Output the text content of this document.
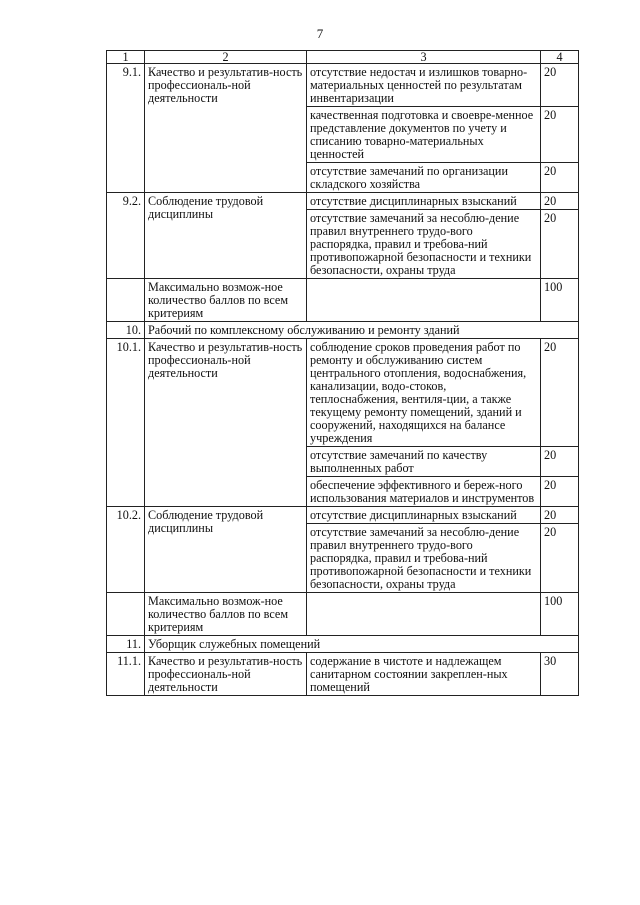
7
1	2	3	4
9.1.	Качество и результатив-ность профессиональ-ной деятельности	отсутствие недостач и излишков товарно-материальных ценностей по результатам инвентаризации	20
		качественная подготовка и своевре-менное представление документов по учету и списанию товарно-материальных ценностей	20
		отсутствие замечаний по организации складского хозяйства	20
9.2.	Соблюдение трудовой дисциплины	отсутствие дисциплинарных взысканий	20
		отсутствие замечаний за несоблю-дение правил внутреннего трудо-вого распорядка, правил и требова-ний противопожарной безопасности и техники безопасности, охраны труда	20
	Максимально возмож-ное количество баллов по всем критериям		100
10.	Рабочий по комплексному обслуживанию и ремонту зданий		
10.1.	Качество и результатив-ность профессиональ-ной деятельности	соблюдение сроков проведения работ по ремонту и обслуживанию систем центрального отопления, водоснабжения, канализации, водо-стоков, теплоснабжения, вентиля-ции, а также текущему ремонту помещений, зданий и сооружений, находящихся на балансе учреждения	20
		отсутствие замечаний по качеству выполненных работ	20
		обеспечение эффективного и береж-ного использования материалов и инструментов	20
10.2.	Соблюдение трудовой дисциплины	отсутствие дисциплинарных взысканий	20
		отсутствие замечаний за несоблю-дение правил внутреннего трудо-вого распорядка, правил и требова-ний противопожарной безопасности и техники безопасности, охраны труда	20
	Максимально возмож-ное количество баллов по всем критериям		100
11.	Уборщик служебных помещений		
11.1.	Качество и результатив-ность профессиональ-ной деятельности	содержание в чистоте и надлежащем санитарном состоянии закреплен-ных помещений	30
